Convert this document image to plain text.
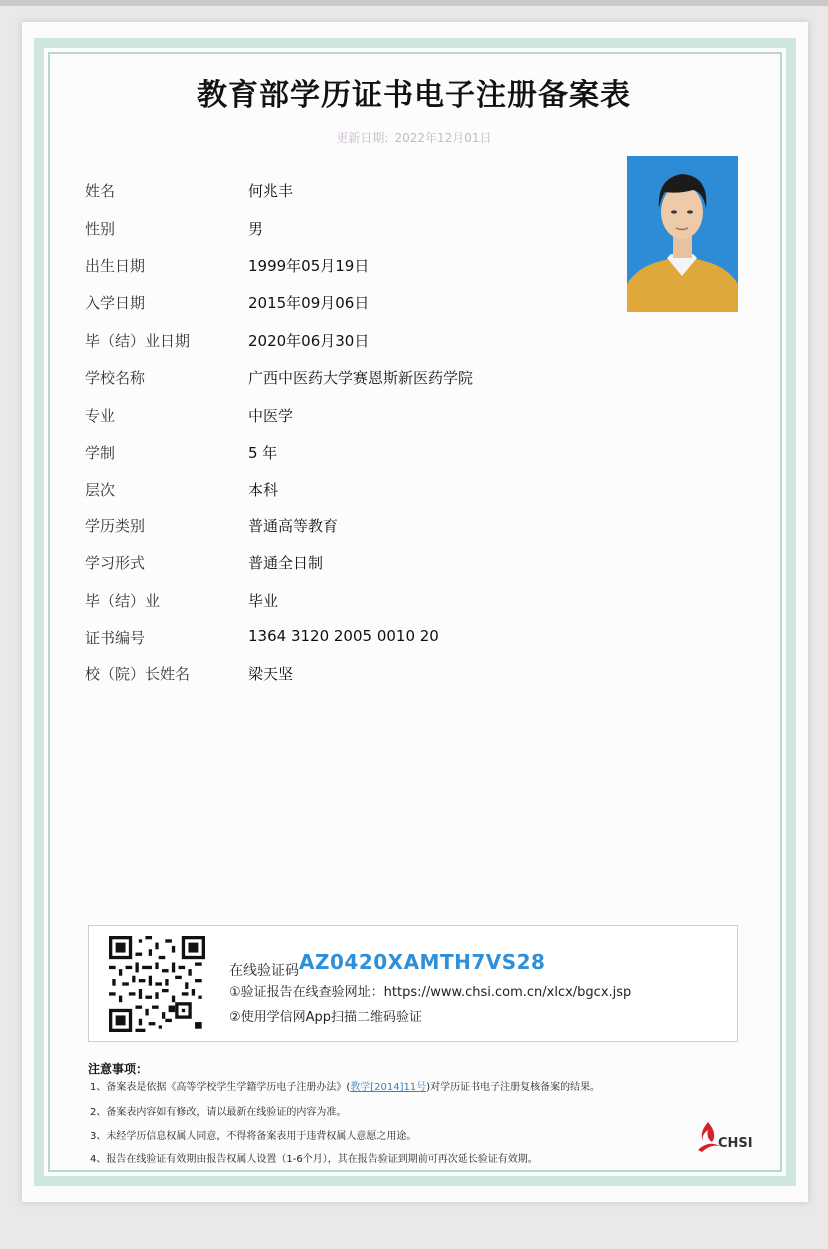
教育部学历证书电子注册备案表
更新日期: 2022年12月01日
姓名	何兆丰
性别	男
出生日期	1999年05月19日
入学日期	2015年09月06日
毕（结）业日期	2020年06月30日
学校名称	广西中医药大学赛恩斯新医药学院
专业	中医学
学制	5 年
层次	本科
学历类别	普通高等教育
学习形式	普通全日制
毕（结）业	毕业
证书编号	1364 3120 2005 0010 20
校（院）长姓名	梁天坚
在线验证码 AZ0420XAMTH7VS28
①验证报告在线查验网址：https://www.chsi.com.cn/xlcx/bgcx.jsp
②使用学信网App扫描二维码验证
注意事项：
1、备案表是依据《高等学校学生学籍学历电子注册办法》(教学[2014]11号)对学历证书电子注册复核备案的结果。
2、备案表内容如有修改，请以最新在线验证的内容为准。
3、未经学历信息权属人同意，不得将备案表用于违背权属人意愿之用途。
4、报告在线验证有效期由报告权属人设置（1-6个月），其在报告验证到期前可再次延长验证有效期。
CHSI
